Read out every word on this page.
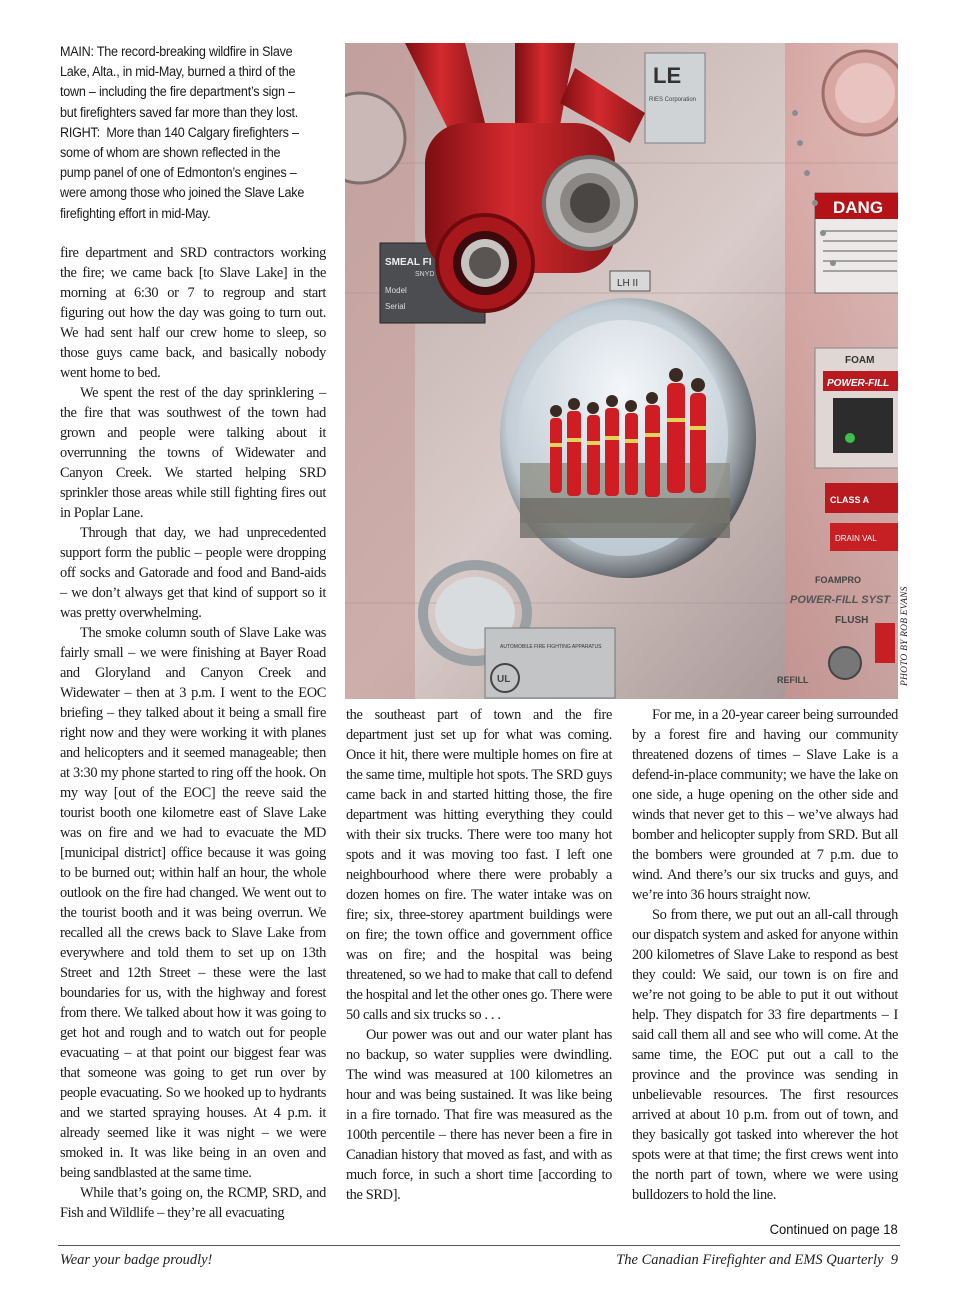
MAIN: The record-breaking wildfire in Slave Lake, Alta., in mid-May, burned a third of the town – including the fire department’s sign – but firefighters saved far more than they lost.

RIGHT:  More than 140 Calgary firefighters – some of whom are shown reflected in the pump panel of one of Edmonton’s engines – were among those who joined the Slave Lake firefighting effort in mid-May.

fire department and SRD contractors working the fire; we came back [to Slave Lake] in the morning at 6:30 or 7 to regroup and start figuring out how the day was going to turn out. We had sent half our crew home to sleep, so those guys came back, and basically nobody went home to bed.

We spent the rest of the day sprinklering – the fire that was southwest of the town had grown and people were talking about it overrunning the towns of Widewater and Canyon Creek. We started helping SRD sprinkler those areas while still fighting fires out in Poplar Lane.

Through that day, we had unprecedented support form the public – people were dropping off socks and Gatorade and food and Band-aids – we don’t always get that kind of support so it was pretty overwhelming.

The smoke column south of Slave Lake was fairly small – we were finishing at Bayer Road and Gloryland and Canyon Creek and Widewater – then at 3 p.m. I went to the EOC briefing – they talked about it being a small fire right now and they were working it with planes and helicopters and it seemed manageable; then at 3:30 my phone started to ring off the hook. On my way [out of the EOC] the reeve said the tourist booth one kilometre east of Slave Lake was on fire and we had to evacuate the MD [municipal district] office because it was going to be burned out; within half an hour, the whole outlook on the fire had changed. We went out to the tourist booth and it was being overrun. We recalled all the crews back to Slave Lake from everywhere and told them to set up on 13th Street and 12th Street – these were the last boundaries for us, with the highway and forest from there. We talked about how it was going to get hot and rough and to watch out for people evacuating – at that point our biggest fear was that someone was going to get run over by people evacuating. So we hooked up to hydrants and we started spraying houses. At 4 p.m. it already seemed like it was night – we were smoked in. It was like being in an oven and being sandblasted at the same time.

While that’s going on, the RCMP, SRD, and Fish and Wildlife – they’re all evacuating

LE
RIES Corporation
DANG
SMEAL FI
SNYD
Model
Serial
LH II
AUTOMOBILE FIRE FIGHTING APPARATUS
UL
FOAM
POWER-FILL
CLASS A
DRAIN VAL
FOAMPRO
POWER-FILL SYST
FLUSH
REFILL	PHOTO BY ROB EVANS

the southeast part of town and the fire department just set up for what was coming. Once it hit, there were multiple homes on fire at the same time, multiple hot spots. The SRD guys came back in and started hitting those, the fire department was hitting everything they could with their six trucks. There were too many hot spots and it was moving too fast. I left one neighbourhood where there were probably a dozen homes on fire. The water intake was on fire; six, three-storey apartment buildings were on fire; the town office and government office was on fire; and the hospital was being threatened, so we had to make that call to defend the hospital and let the other ones go. There were 50 calls and six trucks so . . .

Our power was out and our water plant has no backup, so water supplies were dwindling. The wind was measured at 100 kilometres an hour and was being sustained. It was like being in a fire tornado. That fire was measured as the 100th percentile – there has never been a fire in Canadian history that moved as fast, and with as much force, in such a short time [according to the SRD].

For me, in a 20-year career being surrounded by a forest fire and having our community threatened dozens of times – Slave Lake is a defend-in-place community; we have the lake on one side, a huge opening on the other side and winds that never get to this – we’ve always had bomber and helicopter supply from SRD. But all the bombers were grounded at 7 p.m. due to wind. And there’s our six trucks and guys, and we’re into 36 hours straight now.

So from there, we put out an all-call through our dispatch system and asked for anyone within 200 kilometres of Slave Lake to respond as best they could: We said, our town is on fire and we’re not going to be able to put it out without help. They dispatch for 33 fire departments – I said call them all and see who will come. At the same time, the EOC put out a call to the province and the province was sending in unbelievable resources. The first resources arrived at about 10 p.m. from out of town, and they basically got tasked into wherever the hot spots were at that time; the first crews went into the north part of town, where we were using bulldozers to hold the line.

Continued on page 18
Wear your badge proudly!	The Canadian Firefighter and EMS Quarterly  9
